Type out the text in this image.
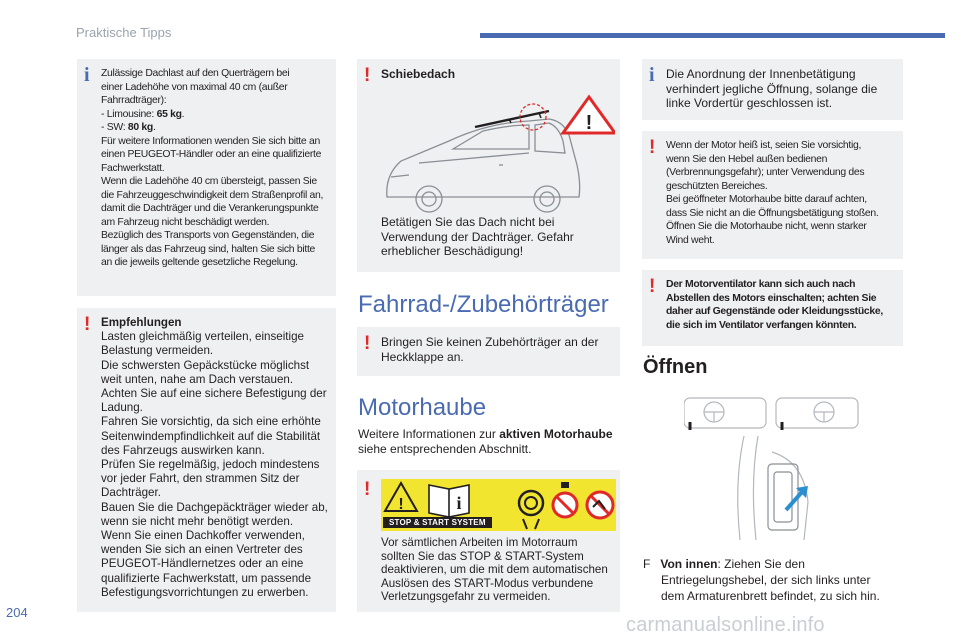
Praktische Tipps
204
carmanualsonline.info
i Zulässige Dachlast auf den Querträgern bei

einer Ladehöhe von maximal 40 cm (außer

Fahrradträger):

- Limousine: 65 kg.

- SW: 80 kg.

Für weitere Informationen wenden Sie sich bitte an

einen PEUGEOT-Händler oder an eine qualifizierte

Fachwerkstatt.

Wenn die Ladehöhe 40 cm übersteigt, passen Sie

die Fahrzeuggeschwindigkeit dem Straßenprofil an,

damit die Dachträger und die Verankerungspunkte

am Fahrzeug nicht beschädigt werden.

Bezüglich des Transports von Gegenständen, die

länger als das Fahrzeug sind, halten Sie sich bitte

an die jeweils geltende gesetzliche Regelung.

! Empfehlungen

Lasten gleichmäßig verteilen, einseitige

Belastung vermeiden.

Die schwersten Gepäckstücke möglichst

weit unten, nahe am Dach verstauen.

Achten Sie auf eine sichere Befestigung der

Ladung.

Fahren Sie vorsichtig, da sich eine erhöhte

Seitenwindempfindlichkeit auf die Stabilität

des Fahrzeugs auswirken kann.

Prüfen Sie regelmäßig, jedoch mindestens

vor jeder Fahrt, den strammen Sitz der

Dachträger.

Bauen Sie die Dachgepäckträger wieder ab,

wenn sie nicht mehr benötigt werden.

Wenn Sie einen Dachkoffer verwenden,

wenden Sie sich an einen Vertreter des

PEUGEOT-Händlernetzes oder an eine

qualifizierte Fachwerkstatt, um passende

Befestigungsvorrichtungen zu erwerben.

! Schiebedach
!

Betätigen Sie das Dach nicht bei

Verwendung der Dachträger. Gefahr

erheblicher Beschädigung!

Fahrrad-/Zubehörträger
! Bringen Sie keinen Zubehörträger an der

Heckklappe an.

Motorhaube

Weitere Informationen zur aktiven Motorhaube

siehe entsprechenden Abschnitt.

!
!	i
STOP & START SYSTEM

Vor sämtlichen Arbeiten im Motorraum

sollten Sie das STOP & START-System

deaktivieren, um die mit dem automatischen

Auslösen des START-Modus verbundene

Verletzungsgefahr zu vermeiden.

i Die Anordnung der Innenbetätigung

verhindert jegliche Öffnung, solange die

linke Vordertür geschlossen ist.

! Wenn der Motor heiß ist, seien Sie vorsichtig,

wenn Sie den Hebel außen bedienen

(Verbrennungsgefahr); unter Verwendung des

geschützten Bereiches.

Bei geöffneter Motorhaube bitte darauf achten,

dass Sie nicht an die Öffnungsbetätigung stoßen.

Öffnen Sie die Motorhaube nicht, wenn starker

Wind weht.

! Der Motorventilator kann sich auch nach

Abstellen des Motors einschalten; achten Sie

daher auf Gegenstände oder Kleidungsstücke,

die sich im Ventilator verfangen könnten.

Öffnen

F Von innen: Ziehen Sie den

Entriegelungshebel, der sich links unter

dem Armaturenbrett befindet, zu sich hin.
